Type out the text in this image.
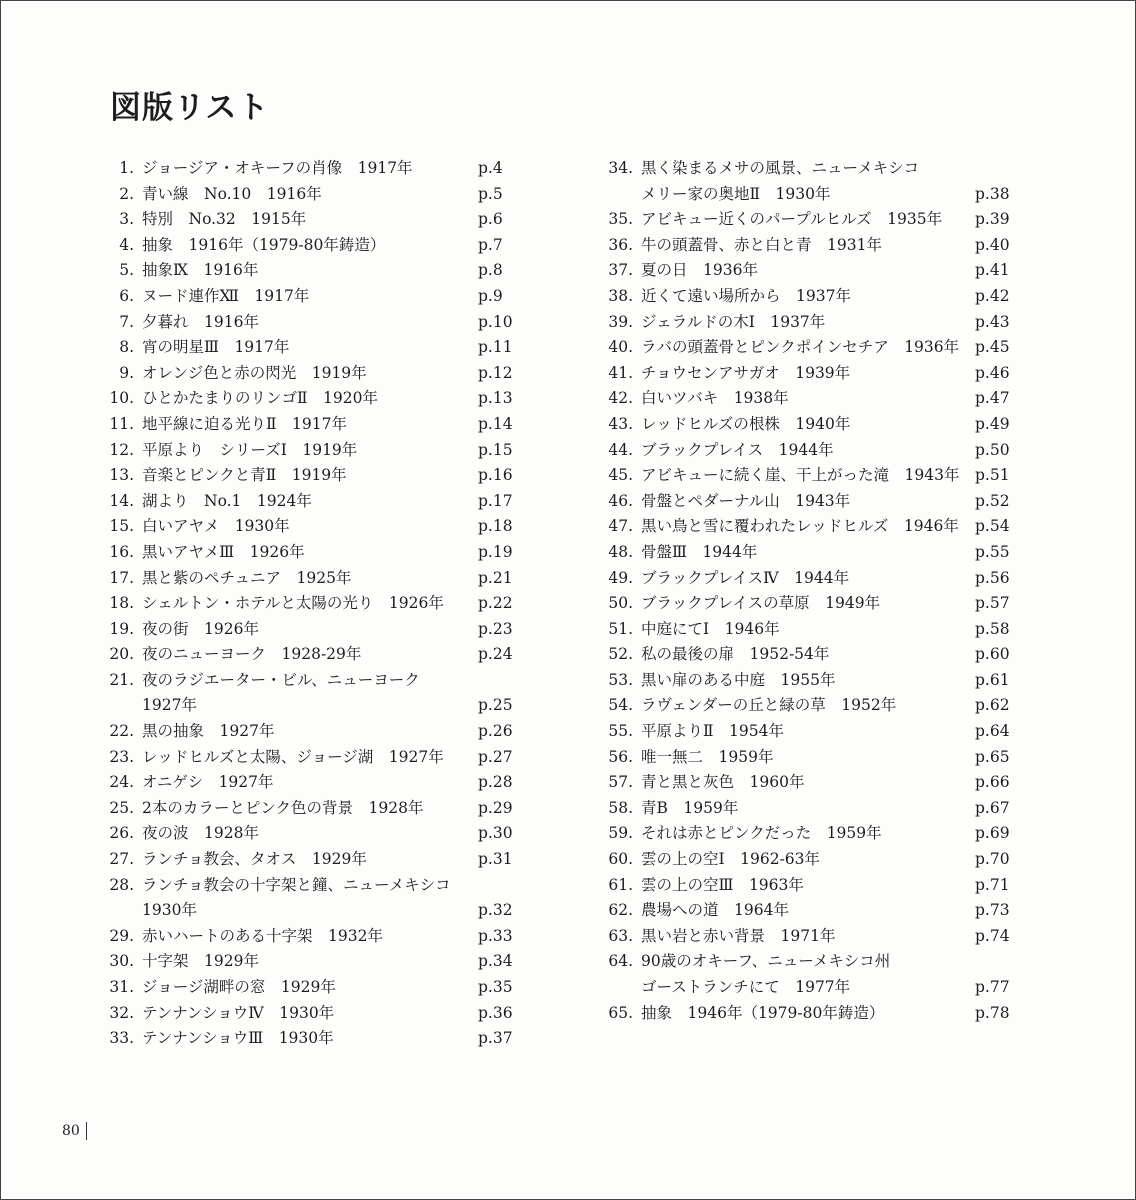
図版リスト
1. ジョージア・オキーフの肖像　1917年	p.4
2. 青い線　No.10　1916年	p.5
3. 特別　No.32　1915年	p.6
4. 抽象　1916年（1979-80年鋳造）	p.7
5. 抽象Ⅸ　1916年	p.8
6. ヌード連作Ⅻ　1917年	p.9
7. 夕暮れ　1916年	p.10
8. 宵の明星Ⅲ　1917年	p.11
9. オレンジ色と赤の閃光　1919年	p.12
10. ひとかたまりのリンゴⅡ　1920年	p.13
11. 地平線に迫る光りⅡ　1917年	p.14
12. 平原より　シリーズⅠ　1919年	p.15
13. 音楽とピンクと青Ⅱ　1919年	p.16
14. 湖より　No.1　1924年	p.17
15. 白いアヤメ　1930年	p.18
16. 黒いアヤメⅢ　1926年	p.19
17. 黒と紫のペチュニア　1925年	p.21
18. シェルトン・ホテルと太陽の光り　1926年	p.22
19. 夜の街　1926年	p.23
20. 夜のニューヨーク　1928-29年	p.24
21. 夜のラジエーター・ビル、ニューヨーク
1927年	p.25
22. 黒の抽象　1927年	p.26
23. レッドヒルズと太陽、ジョージ湖　1927年	p.27
24. オニゲシ　1927年	p.28
25. 2本のカラーとピンク色の背景　1928年	p.29
26. 夜の波　1928年	p.30
27. ランチョ教会、タオス　1929年	p.31
28. ランチョ教会の十字架と鐘、ニューメキシコ
1930年	p.32
29. 赤いハートのある十字架　1932年	p.33
30. 十字架　1929年	p.34
31. ジョージ湖畔の窓　1929年	p.35
32. テンナンショウⅣ　1930年	p.36
33. テンナンショウⅢ　1930年	p.37
34. 黒く染まるメサの風景、ニューメキシコ
メリー家の奥地Ⅱ　1930年	p.38
35. アビキュー近くのパープルヒルズ　1935年	p.39
36. 牛の頭蓋骨、赤と白と青　1931年	p.40
37. 夏の日　1936年	p.41
38. 近くて遠い場所から　1937年	p.42
39. ジェラルドの木Ⅰ　1937年	p.43
40. ラバの頭蓋骨とピンクポインセチア　1936年 p.45
41. チョウセンアサガオ　1939年	p.46
42. 白いツバキ　1938年	p.47
43. レッドヒルズの根株　1940年	p.49
44. ブラックプレイス　1944年	p.50
45. アビキューに続く崖、干上がった滝　1943年 p.51
46. 骨盤とペダーナル山　1943年	p.52
47. 黒い鳥と雪に覆われたレッドヒルズ　1946年 p.54
48. 骨盤Ⅲ　1944年	p.55
49. ブラックプレイスⅣ　1944年	p.56
50. ブラックプレイスの草原　1949年	p.57
51. 中庭にてⅠ　1946年	p.58
52. 私の最後の扉　1952-54年	p.60
53. 黒い扉のある中庭　1955年	p.61
54. ラヴェンダーの丘と緑の草　1952年	p.62
55. 平原よりⅡ　1954年	p.64
56. 唯一無二　1959年	p.65
57. 青と黒と灰色　1960年	p.66
58. 青B　1959年	p.67
59. それは赤とピンクだった　1959年	p.69
60. 雲の上の空Ⅰ　1962-63年	p.70
61. 雲の上の空Ⅲ　1963年	p.71
62. 農場への道　1964年	p.73
63. 黒い岩と赤い背景　1971年	p.74
64. 90歳のオキーフ、ニューメキシコ州
ゴーストランチにて　1977年	p.77
65. 抽象　1946年（1979-80年鋳造）	p.78
80
